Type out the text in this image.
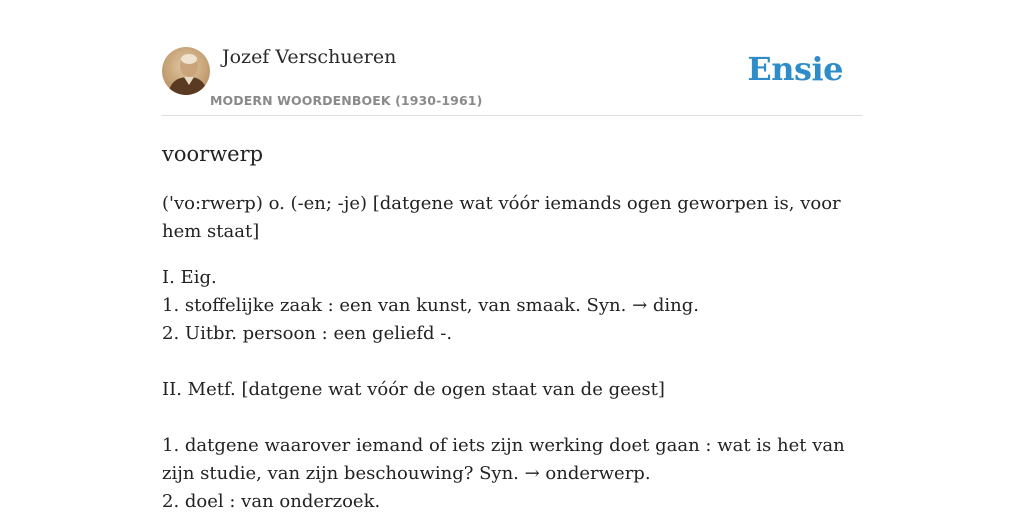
Jozef Verschueren
MODERN WOORDENBOEK (1930-1961)
Ensie
voorwerp
('vo:rwerp) o. (-en; -je) [datgene wat vóór iemands ogen geworpen is, voor hem staat]
I. Eig.
1. stoffelijke zaak : een van kunst, van smaak. Syn. → ding.
2. Uitbr. persoon : een geliefd -.
II. Metf. [datgene wat vóór de ogen staat van de geest]
1. datgene waarover iemand of iets zijn werking doet gaan : wat is het van zijn studie, van zijn beschouwing? Syn. → onderwerp.
2. doel : van onderzoek.
